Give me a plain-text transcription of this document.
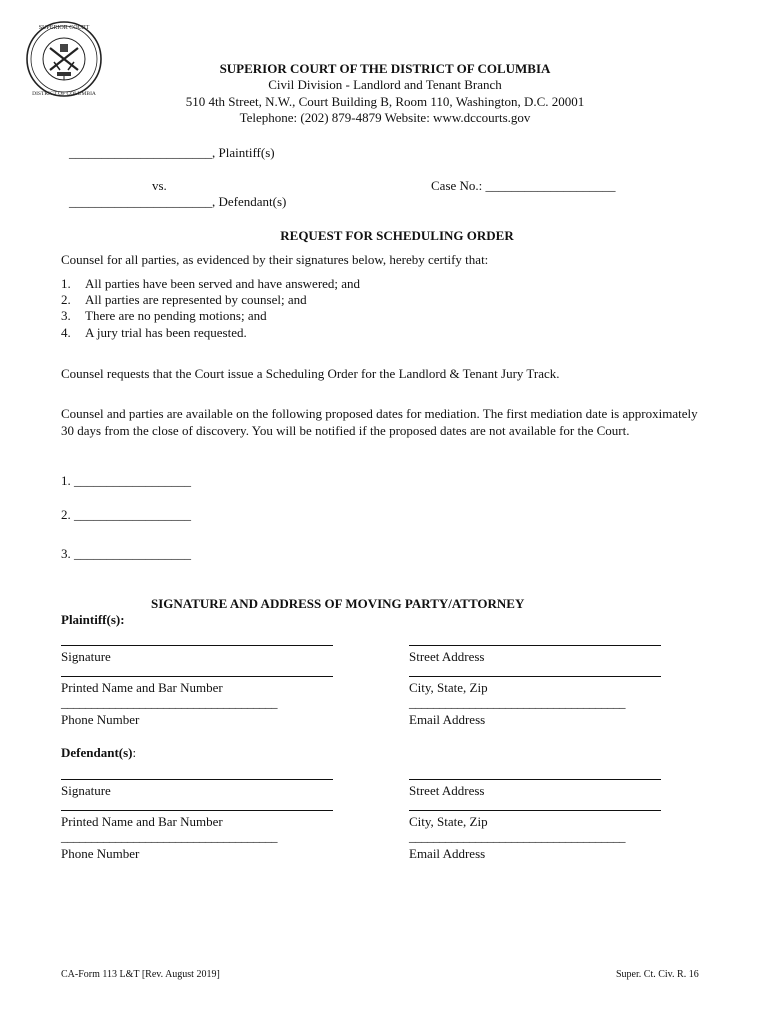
SUPERIOR COURT
DISTRICT OF COLUMBIA
SUPERIOR COURT OF THE DISTRICT OF COLUMBIA
Civil Division - Landlord and Tenant Branch
510 4th Street, N.W., Court Building B, Room 110, Washington, D.C. 20001
Telephone: (202) 879-4879 Website: www.dccourts.gov
______________________, Plaintiff(s)
vs.	Case No.: ____________________
______________________, Defendant(s)
REQUEST FOR SCHEDULING ORDER
Counsel for all parties, as evidenced by their signatures below, hereby certify that:
1. All parties have been served and have answered; and
2. All parties are represented by counsel; and
3. There are no pending motions; and
4. A jury trial has been requested.
Counsel requests that the Court issue a Scheduling Order for the Landlord & Tenant Jury Track.
Counsel and parties are available on the following proposed dates for mediation. The first mediation date is approximately 30 days from the close of discovery. You will be notified if the proposed dates are not available for the Court.
1. __________________
2. __________________
3. __________________
SIGNATURE AND ADDRESS OF MOVING PARTY/ATTORNEY
Plaintiff(s):
Signature
Printed Name and Bar Number
____________________________________
Phone Number
Street Address
City, State, Zip
____________________________________
Email Address
Defendant(s):
Signature
Printed Name and Bar Number
____________________________________
Phone Number
Street Address
City, State, Zip
____________________________________
Email Address
CA-Form 113 L&T [Rev. August 2019]	Super. Ct. Civ. R. 16
